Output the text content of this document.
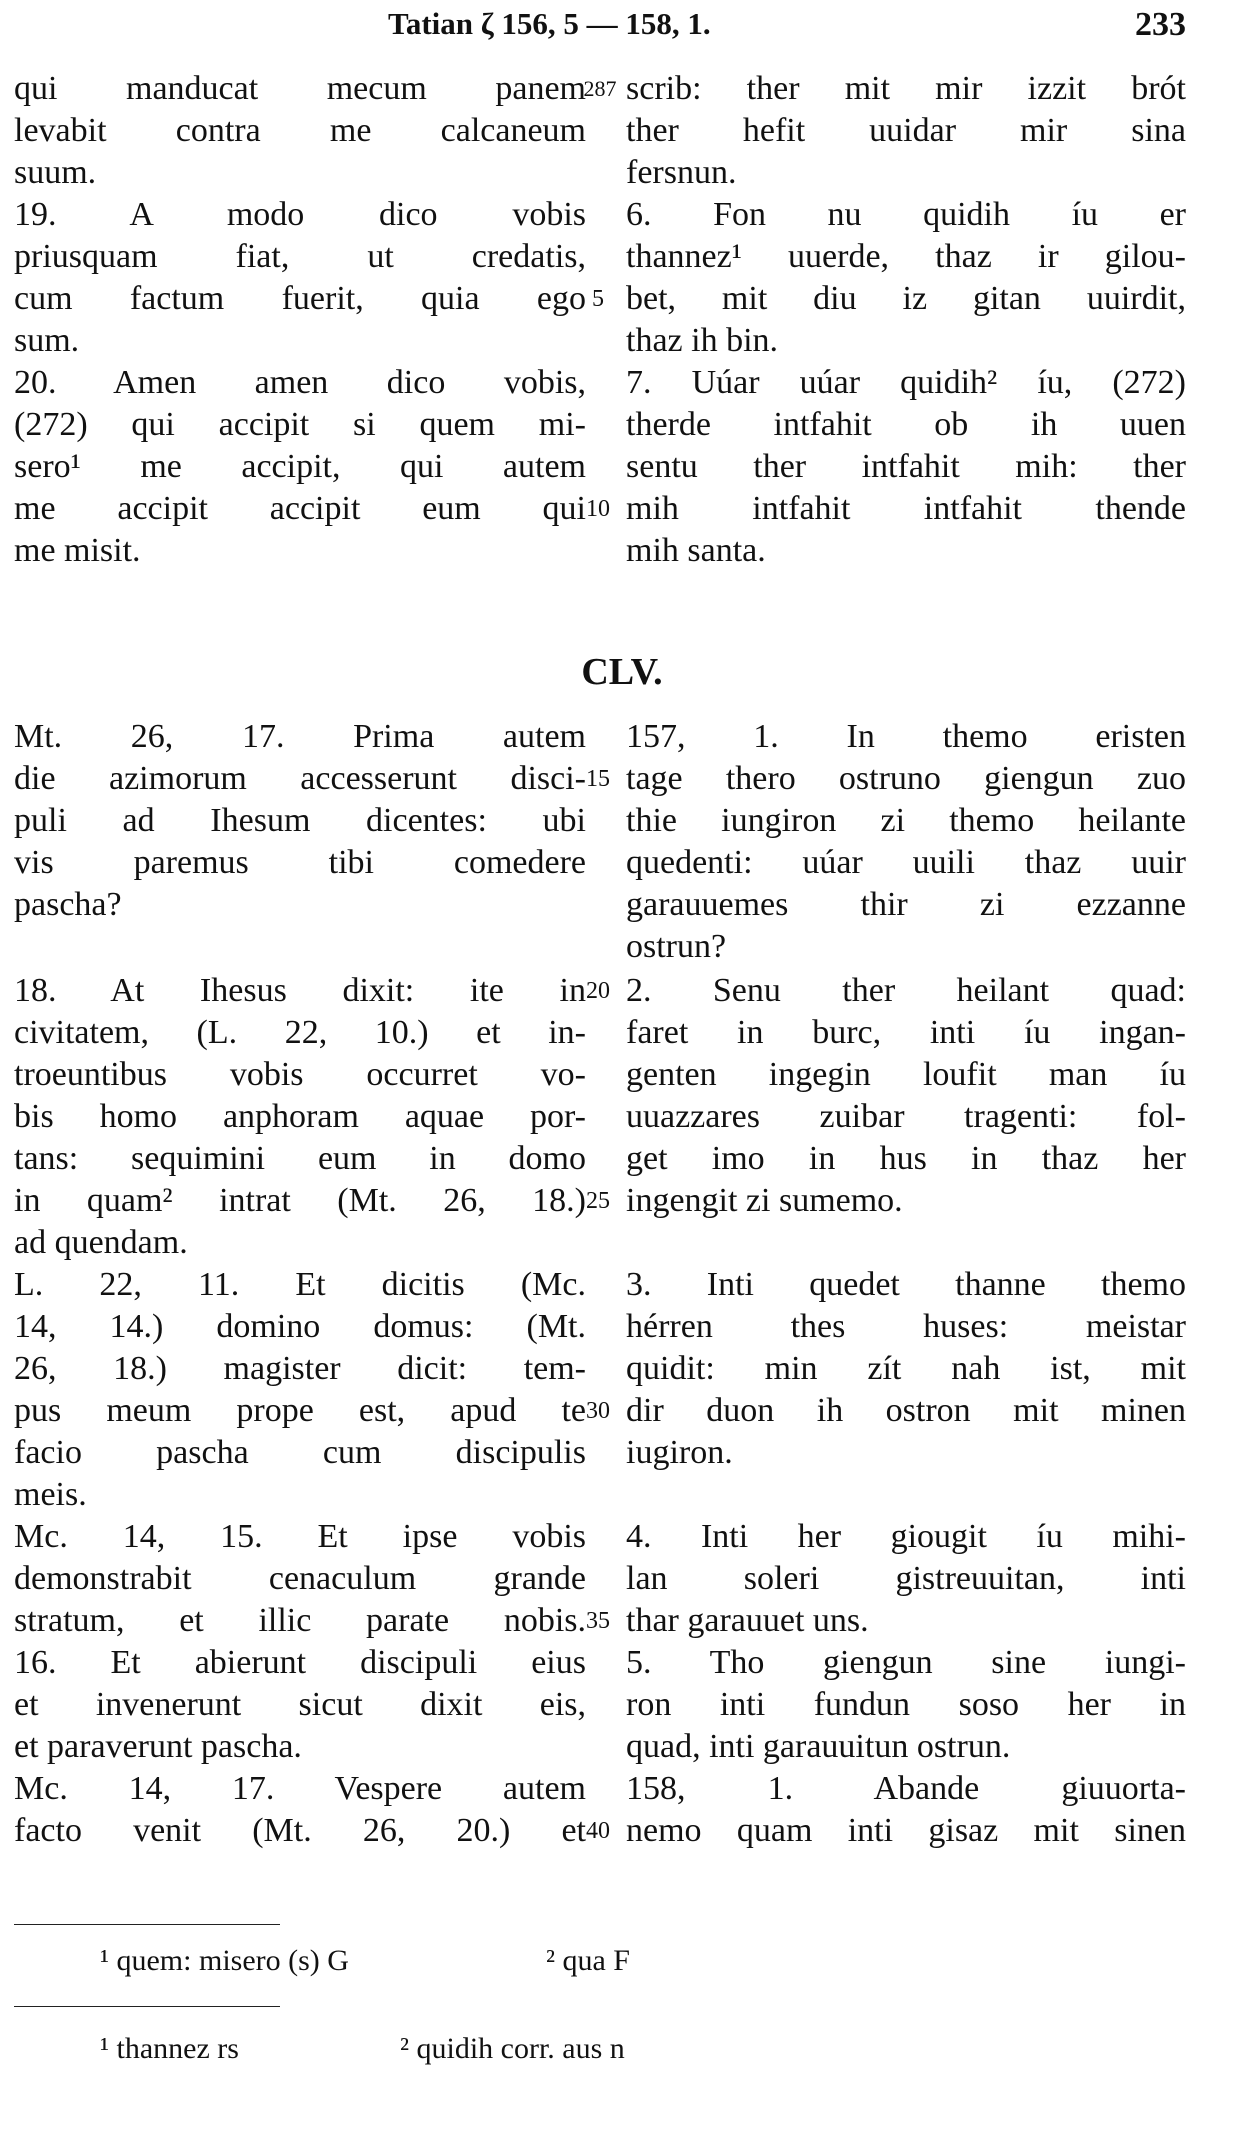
Tatian ζ 156, 5 — 158, 1.	233
qui manducat mecum panem
levabit contra me calcaneum
suum.
19. A modo dico vobis
priusquam fiat, ut credatis,
cum factum fuerit, quia ego
sum.
20. Amen amen dico vobis,
(272) qui accipit si quem mi-
sero¹ me accipit, qui autem
me accipit accipit eum qui
me misit.
Mt. 26, 17. Prima autem
die azimorum accesserunt disci-
puli ad Ihesum dicentes: ubi
vis paremus tibi comedere
pascha?
18. At Ihesus dixit: ite in
civitatem, (L. 22, 10.) et in-
troeuntibus vobis occurret vo-
bis homo anphoram aquae por-
tans: sequimini eum in domo
in quam² intrat (Mt. 26, 18.)
ad quendam.
L. 22, 11. Et dicitis (Mc.
14, 14.) domino domus: (Mt.
26, 18.) magister dicit: tem-
pus meum prope est, apud te
facio pascha cum discipulis
meis.
Mc. 14, 15. Et ipse vobis
demonstrabit cenaculum grande
stratum, et illic parate nobis.
16. Et abierunt discipuli eius
et invenerunt sicut dixit eis,
et paraverunt pascha.
Mc. 14, 17. Vespere autem
facto venit (Mt. 26, 20.) et
287
5
10
15
20
25
30
35
40
scrib: ther mit mir izzit brót
ther hefit uuidar mir sina
fersnun.
6. Fon nu quidih íu er
thannez¹ uuerde, thaz ir gilou-
bet, mit diu iz gitan uuirdit,
thaz ih bin.
7. Uúar uúar quidih² íu, (272)
therde intfahit ob ih uuen
sentu ther intfahit mih: ther
mih intfahit intfahit thende
mih santa.
157, 1. In themo eristen
tage thero ostruno giengun zuo
thie iungiron zi themo heilante
quedenti: uúar uuili thaz uuir
garauuemes thir zi ezzanne
ostrun?
2. Senu ther heilant quad:
faret in burc, inti íu ingan-
genten ingegin loufit man íu
uuazzares zuibar tragenti: fol-
get imo in hus in thaz her
ingengit zi sumemo.
3. Inti quedet thanne themo
hérren thes huses: meistar
quidit: min zít nah ist, mit
dir duon ih ostron mit minen
iugiron.
4. Inti her giougit íu mihi-
lan soleri gistreuuitan, inti
thar garauuet uns.
5. Tho giengun sine iungi-
ron inti fundun soso her in
quad, inti garauuitun ostrun.
158, 1. Abande giuuorta-
nemo quam inti gisaz mit sinen
CLV.
¹ quem: misero (s) G	² qua F
¹ thannez rs	² quidih corr. aus n
